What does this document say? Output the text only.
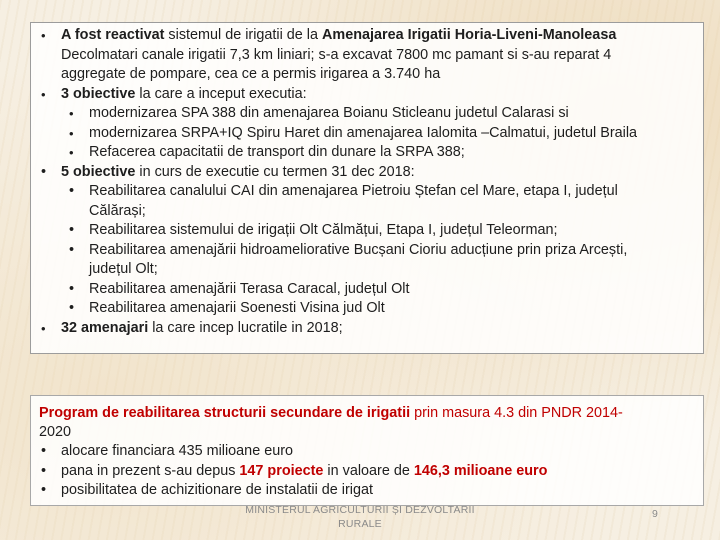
• A fost reactivat sistemul de irigatii de la Amenajarea Irigatii Horia-Liveni-Manoleasa
Decolmatari canale irigatii 7,3 km liniari; s-a excavat 7800 mc pamant si s-au reparat 4
aggregate de pompare, cea ce a permis irigarea a 3.740 ha
• 3 obiective la care a inceput executia:
• modernizarea SPA 388 din amenajarea Boianu Sticleanu judetul Calarasi si
• modernizarea SRPA+IQ Spiru Haret din amenajarea Ialomita –Calmatui, judetul Braila
• Refacerea capacitatii de transport din dunare la SRPA 388;
• 5 obiective in curs de executie cu termen 31 dec 2018:
• Reabilitarea canalului CAI din amenajarea Pietroiu Ștefan cel Mare, etapa I, județul
Călărași;
• Reabilitarea sistemului de irigații Olt Călmățui, Etapa I, județul Teleorman;
• Reabilitarea amenajării hidroameliorative Bucșani Cioriu aducțiune prin priza Arcești,
județul Olt;
• Reabilitarea amenajării Terasa Caracal, județul Olt
• Reabilitarea amenajarii Soenesti Visina jud Olt
• 32 amenajari la care incep lucratile in 2018;
Program de reabilitarea structurii secundare de irigatii prin masura 4.3 din PNDR 2014-
2020
• alocare financiara 435 milioane euro
• pana in prezent s-au depus 147 proiecte in valoare de 146,3 milioane euro
• posibilitatea de achizitionare de instalatii de irigat
MINISTERUL AGRICULTURII ȘI DEZVOLTARII
RURALE
9
